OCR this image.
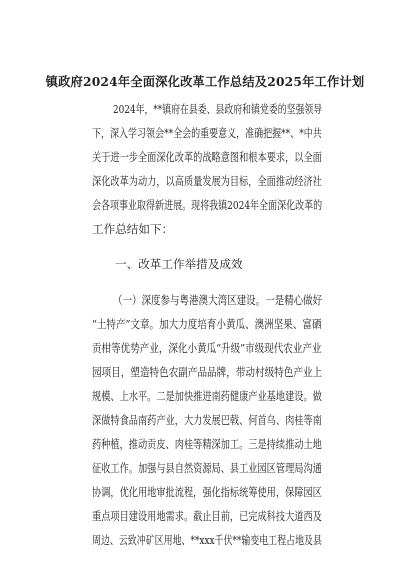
镇政府2024年全面深化改革工作总结及2025年工作计划
2024年，**镇府在县委、县政府和镇党委的坚强领导
下，深入学习领会**全会的重要意义，准确把握**、*中共
关于进一步全面深化改革的战略意图和根本要求，以全面
深化改革为动力，以高质量发展为目标，全面推动经济社
会各项事业取得新进展。现将我镇2024年全面深化改革的
工作总结如下：
一、改革工作举措及成效
（一）深度参与粤港澳大湾区建设。一是精心做好
“土特产”文章。加大力度培育小黄瓜、澳洲坚果、富硒
贡柑等优势产业，深化小黄瓜“升级”市级现代农业产业
园项目，塑造特色农副产品品牌，带动村级特色产业上
规模、上水平。二是加快推进南药健康产业基地建设。做
深做特食品南药产业，大力发展巴戟、何首乌、肉桂等南
药种植，推动贡皮、肉桂等精深加工。三是持续推动土地
征收工作。加强与县自然资源局、县工业园区管理局沟通
协调，优化用地审批流程，强化指标统筹使用，保障园区
重点项目建设用地需求。截止目前，已完成科技大道西及
周边、云致冲矿区用地、**xxx千伏**输变电工程占地及县
